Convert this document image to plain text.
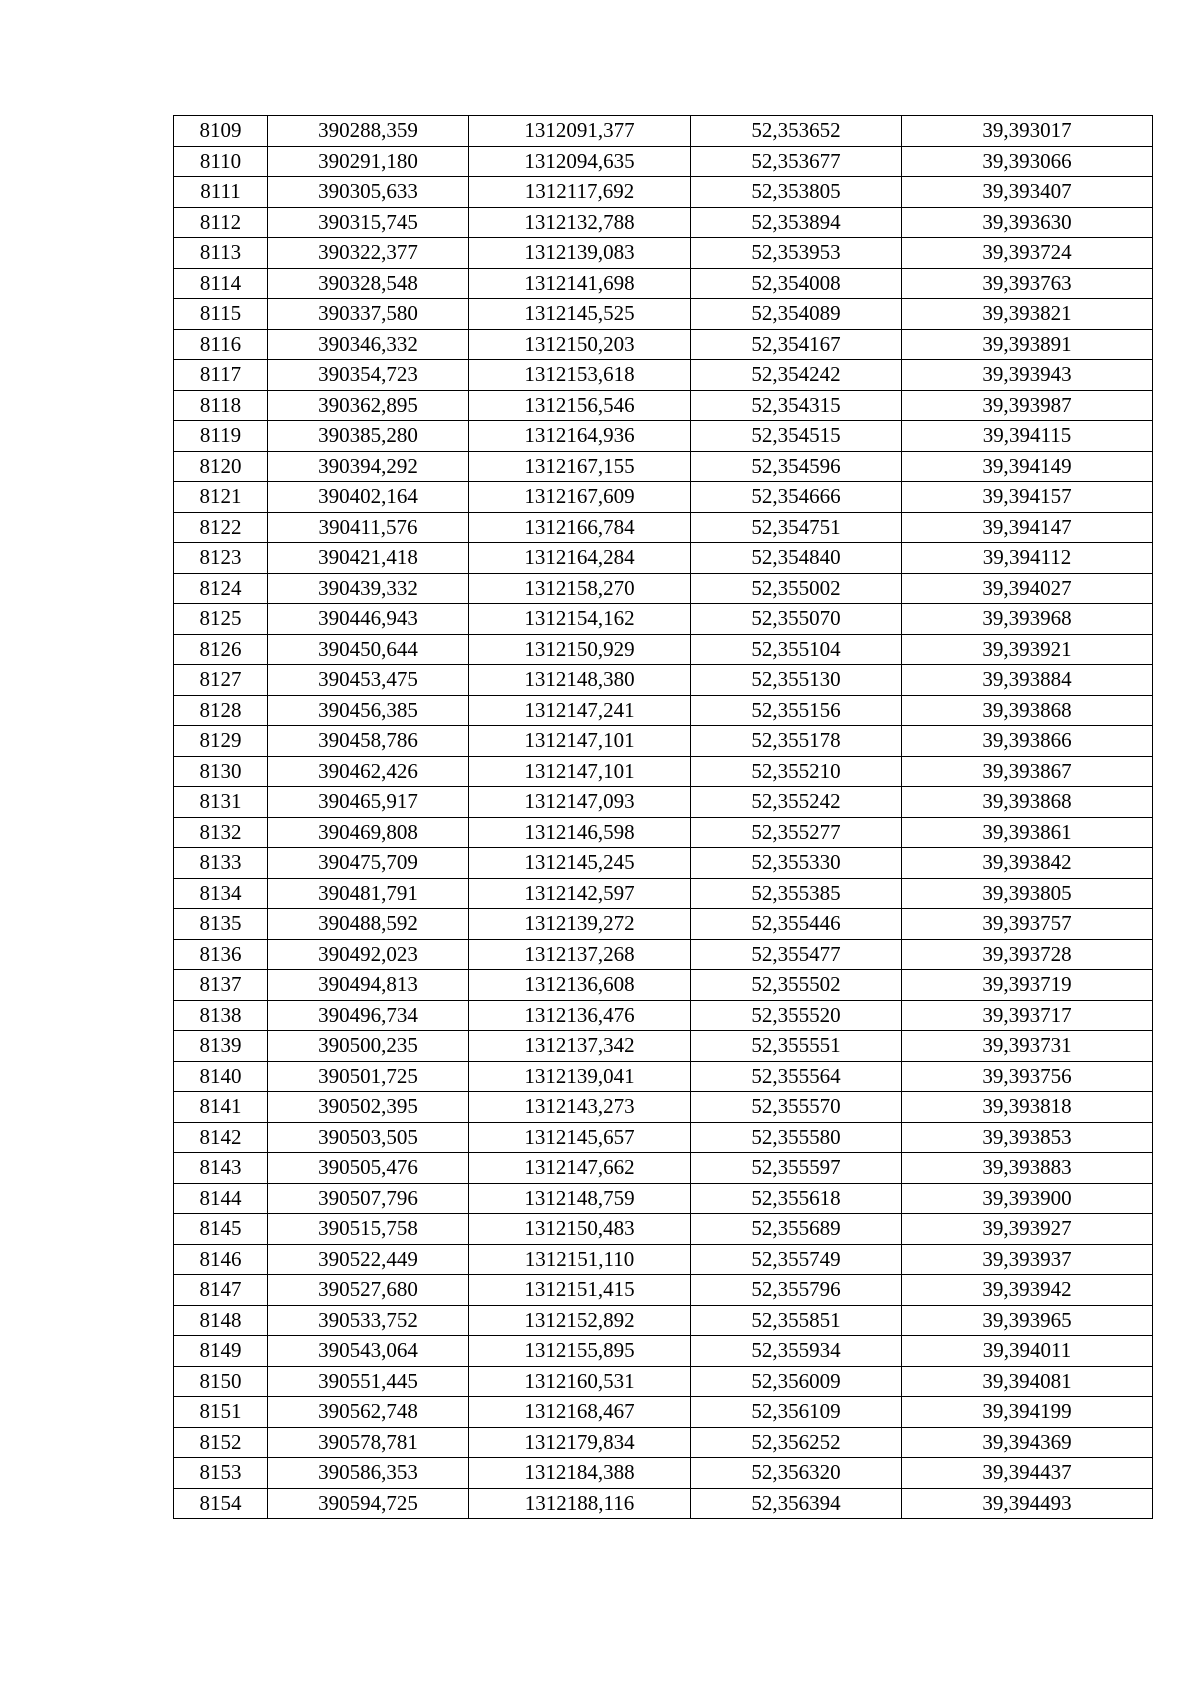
8109	390288,359	1312091,377	52,353652	39,393017
8110	390291,180	1312094,635	52,353677	39,393066
8111	390305,633	1312117,692	52,353805	39,393407
8112	390315,745	1312132,788	52,353894	39,393630
8113	390322,377	1312139,083	52,353953	39,393724
8114	390328,548	1312141,698	52,354008	39,393763
8115	390337,580	1312145,525	52,354089	39,393821
8116	390346,332	1312150,203	52,354167	39,393891
8117	390354,723	1312153,618	52,354242	39,393943
8118	390362,895	1312156,546	52,354315	39,393987
8119	390385,280	1312164,936	52,354515	39,394115
8120	390394,292	1312167,155	52,354596	39,394149
8121	390402,164	1312167,609	52,354666	39,394157
8122	390411,576	1312166,784	52,354751	39,394147
8123	390421,418	1312164,284	52,354840	39,394112
8124	390439,332	1312158,270	52,355002	39,394027
8125	390446,943	1312154,162	52,355070	39,393968
8126	390450,644	1312150,929	52,355104	39,393921
8127	390453,475	1312148,380	52,355130	39,393884
8128	390456,385	1312147,241	52,355156	39,393868
8129	390458,786	1312147,101	52,355178	39,393866
8130	390462,426	1312147,101	52,355210	39,393867
8131	390465,917	1312147,093	52,355242	39,393868
8132	390469,808	1312146,598	52,355277	39,393861
8133	390475,709	1312145,245	52,355330	39,393842
8134	390481,791	1312142,597	52,355385	39,393805
8135	390488,592	1312139,272	52,355446	39,393757
8136	390492,023	1312137,268	52,355477	39,393728
8137	390494,813	1312136,608	52,355502	39,393719
8138	390496,734	1312136,476	52,355520	39,393717
8139	390500,235	1312137,342	52,355551	39,393731
8140	390501,725	1312139,041	52,355564	39,393756
8141	390502,395	1312143,273	52,355570	39,393818
8142	390503,505	1312145,657	52,355580	39,393853
8143	390505,476	1312147,662	52,355597	39,393883
8144	390507,796	1312148,759	52,355618	39,393900
8145	390515,758	1312150,483	52,355689	39,393927
8146	390522,449	1312151,110	52,355749	39,393937
8147	390527,680	1312151,415	52,355796	39,393942
8148	390533,752	1312152,892	52,355851	39,393965
8149	390543,064	1312155,895	52,355934	39,394011
8150	390551,445	1312160,531	52,356009	39,394081
8151	390562,748	1312168,467	52,356109	39,394199
8152	390578,781	1312179,834	52,356252	39,394369
8153	390586,353	1312184,388	52,356320	39,394437
8154	390594,725	1312188,116	52,356394	39,394493
